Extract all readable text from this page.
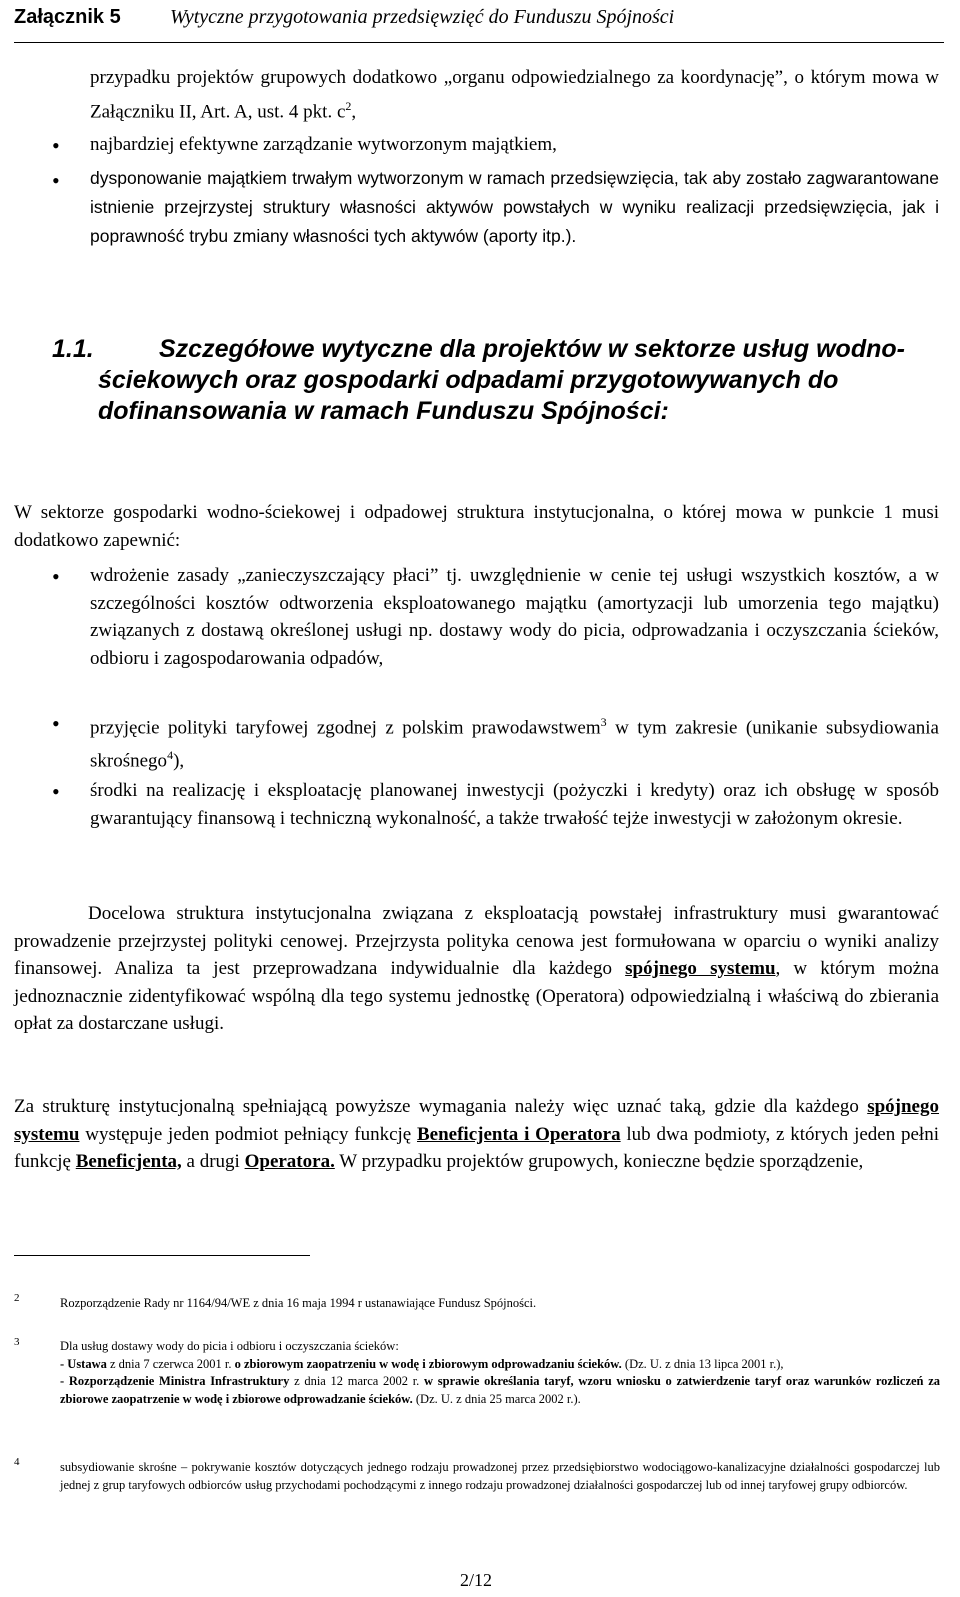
Załącznik 5 Wytyczne przygotowania przedsięwzięć do Funduszu Spójności

przypadku projektów grupowych dodatkowo „organu odpowiedzialnego za koordynację”, o którym mowa w Załączniku II, Art. A, ust. 4 pkt. $c^2$,

• najbardziej efektywne zarządzanie wytworzonym majątkiem,

• dysponowanie majątkiem trwałym wytworzonym w ramach przedsięwzięcia, tak aby zostało zagwarantowane istnienie przejrzystej struktury własności aktywów powstałych w wyniku realizacji przedsięwzięcia, jak i poprawność trybu zmiany własności tych aktywów (aporty itp.).

1.1.	Szczegółowe wytyczne dla projektów w sektorze usług wodno-ściekowych oraz gospodarki odpadami przygotowywanych do dofinansowania w ramach Funduszu Spójności:

W sektorze gospodarki wodno-ściekowej i odpadowej struktura instytucjonalna, o której mowa w punkcie 1 musi dodatkowo zapewnić:

• wdrożenie zasady „zanieczyszczający płaci” tj. uwzględnienie w cenie tej usługi wszystkich kosztów, a w szczególności kosztów odtworzenia eksploatowanego majątku (amortyzacji lub umorzenia tego majątku) związanych z dostawą określonej usługi np. dostawy wody do picia, odprowadzania i oczyszczania ścieków, odbioru i zagospodarowania odpadów,

• przyjęcie polityki taryfowej zgodnej z polskim prawodawstwem$^3$ w tym zakresie (unikanie subsydiowania skrośnego$^4$),

• środki na realizację i eksploatację planowanej inwestycji (pożyczki i kredyty) oraz ich obsługę w sposób gwarantujący finansową i techniczną wykonalność, a także trwałość tejże inwestycji w założonym okresie.

Docelowa struktura instytucjonalna związana z eksploatacją powstałej infrastruktury musi gwarantować prowadzenie przejrzystej polityki cenowej. Przejrzysta polityka cenowa jest formułowana w oparciu o wyniki analizy finansowej. Analiza ta jest przeprowadzana indywidualnie dla każdego spójnego systemu, w którym można jednoznacznie zidentyfikować wspólną dla tego systemu jednostkę (Operatora) odpowiedzialną i właściwą do zbierania opłat za dostarczane usługi.

Za strukturę instytucjonalną spełniającą powyższe wymagania należy więc uznać taką, gdzie dla każdego spójnego systemu występuje jeden podmiot pełniący funkcję Beneficjenta i Operatora lub dwa podmioty, z których jeden pełni funkcję Beneficjenta, a drugi Operatora. W przypadku projektów grupowych, konieczne będzie sporządzenie,

2	Rozporządzenie Rady nr 1164/94/WE z dnia 16 maja 1994 r ustanawiające Fundusz Spójności.

3	Dla usług dostawy wody do picia i odbioru i oczyszczania ścieków:
- Ustawa z dnia 7 czerwca 2001 r. o zbiorowym zaopatrzeniu w wodę i zbiorowym odprowadzaniu ścieków. (Dz. U. z dnia 13 lipca 2001 r.),
- Rozporządzenie Ministra Infrastruktury z dnia 12 marca 2002 r. w sprawie określania taryf, wzoru wniosku o zatwierdzenie taryf oraz warunków rozliczeń za zbiorowe zaopatrzenie w wodę i zbiorowe odprowadzanie ścieków. (Dz. U. z dnia 25 marca 2002 r.).
4	subsydiowanie skrośne – pokrywanie kosztów dotyczących jednego rodzaju prowadzonej przez przedsiębiorstwo wodociągowo-kanalizacyjne działalności gospodarczej lub jednej z grup taryfowych odbiorców usług przychodami pochodzącymi z innego rodzaju prowadzonej działalności gospodarczej lub od innej taryfowej grupy odbiorców.

2/12
